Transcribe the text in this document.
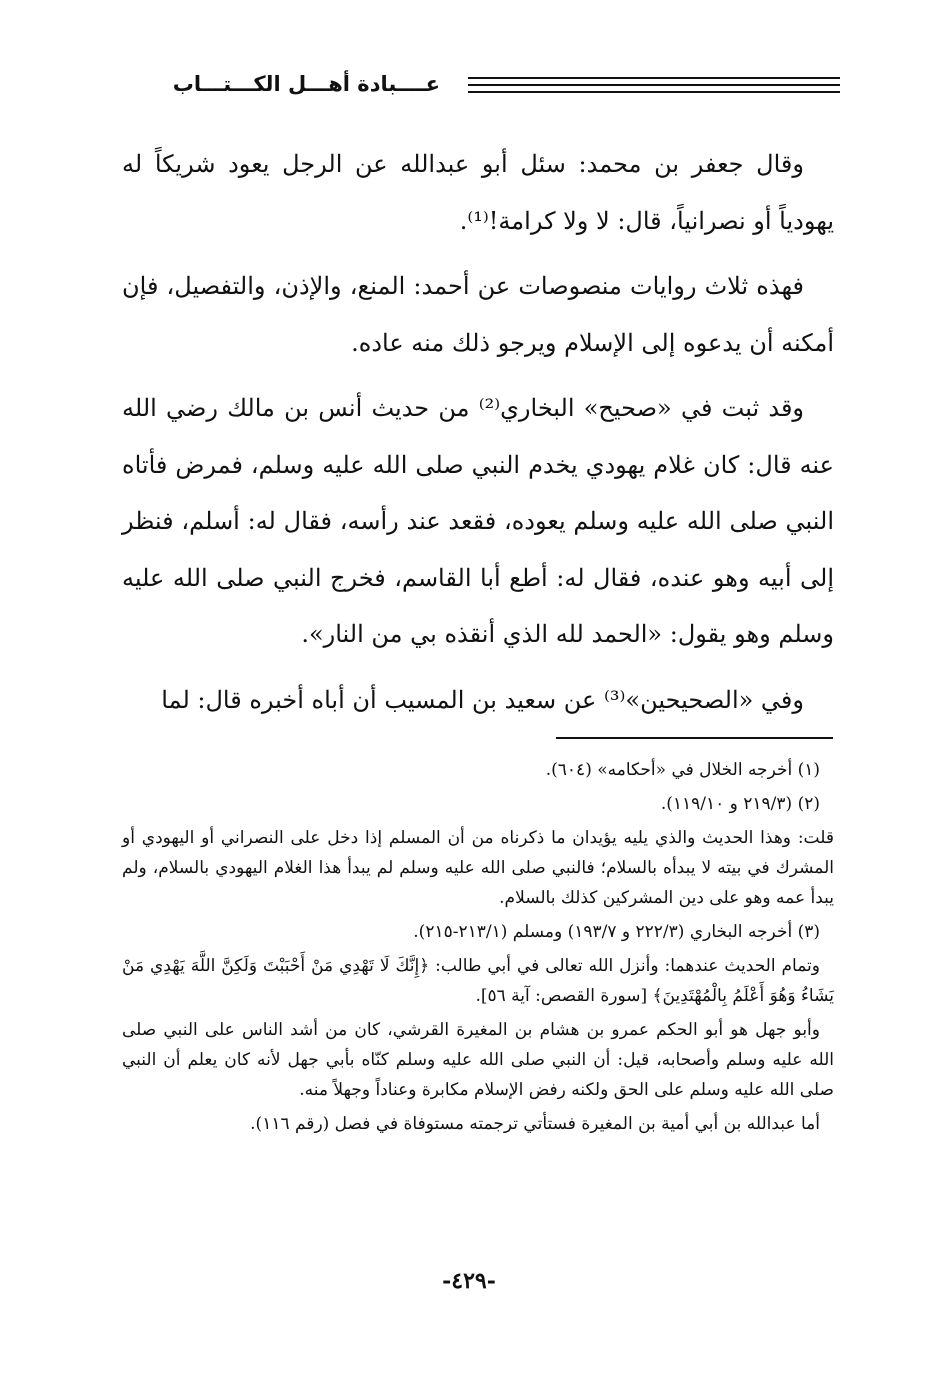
عــــبادة أهـــل الكـــتـــاب

وقال جعفر بن محمد: سئل أبو عبدالله عن الرجل يعود شريكاً له يهودياً أو نصرانياً، قال: لا ولا كرامة!⁽¹⁾.

فهذه ثلاث روايات منصوصات عن أحمد: المنع، والإذن، والتفصيل، فإن أمكنه أن يدعوه إلى الإسلام ويرجو ذلك منه عاده.

وقد ثبت في «صحيح» البخاري⁽²⁾ من حديث أنس بن مالك رضي الله عنه قال: كان غلام يهودي يخدم النبي صلى الله عليه وسلم، فمرض فأتاه النبي صلى الله عليه وسلم يعوده، فقعد عند رأسه، فقال له: أسلم، فنظر إلى أبيه وهو عنده، فقال له: أطع أبا القاسم، فخرج النبي صلى الله عليه وسلم وهو يقول: «الحمد لله الذي أنقذه بي من النار».

وفي «الصحيحين»⁽³⁾ عن سعيد بن المسيب أن أباه أخبره قال: لما

(١) أخرجه الخلال في «أحكامه» (٦٠٤).

(٢) (٢١٩/٣ و ١١٩/١٠).

قلت: وهذا الحديث والذي يليه يؤيدان ما ذكرناه من أن المسلم إذا دخل على النصراني أو اليهودي أو المشرك في بيته لا يبدأه بالسلام؛ فالنبي صلى الله عليه وسلم لم يبدأ هذا الغلام اليهودي بالسلام، ولم يبدأ عمه وهو على دين المشركين كذلك بالسلام.

(٣) أخرجه البخاري (٢٢٢/٣ و ١٩٣/٧) ومسلم (٢١٣/١-٢١٥).

وتمام الحديث عندهما: وأنزل الله تعالى في أبي طالب: ﴿إِنَّكَ لَا تَهْدِي مَنْ أَحْبَبْتَ وَلَكِنَّ اللَّهَ يَهْدِي مَنْ يَشَاءُ وَهُوَ أَعْلَمُ بِالْمُهْتَدِينَ﴾ [سورة القصص: آية ٥٦].

وأبو جهل هو أبو الحكم عمرو بن هشام بن المغيرة القرشي، كان من أشد الناس على النبي صلى الله عليه وسلم وأصحابه، قيل: أن النبي صلى الله عليه وسلم كنّاه بأبي جهل لأنه كان يعلم أن النبي صلى الله عليه وسلم على الحق ولكنه رفض الإسلام مكابرة وعناداً وجهلاً منه.

أما عبدالله بن أبي أمية بن المغيرة فستأتي ترجمته مستوفاة في فصل (رقم ١١٦).

-٤٢٩-
